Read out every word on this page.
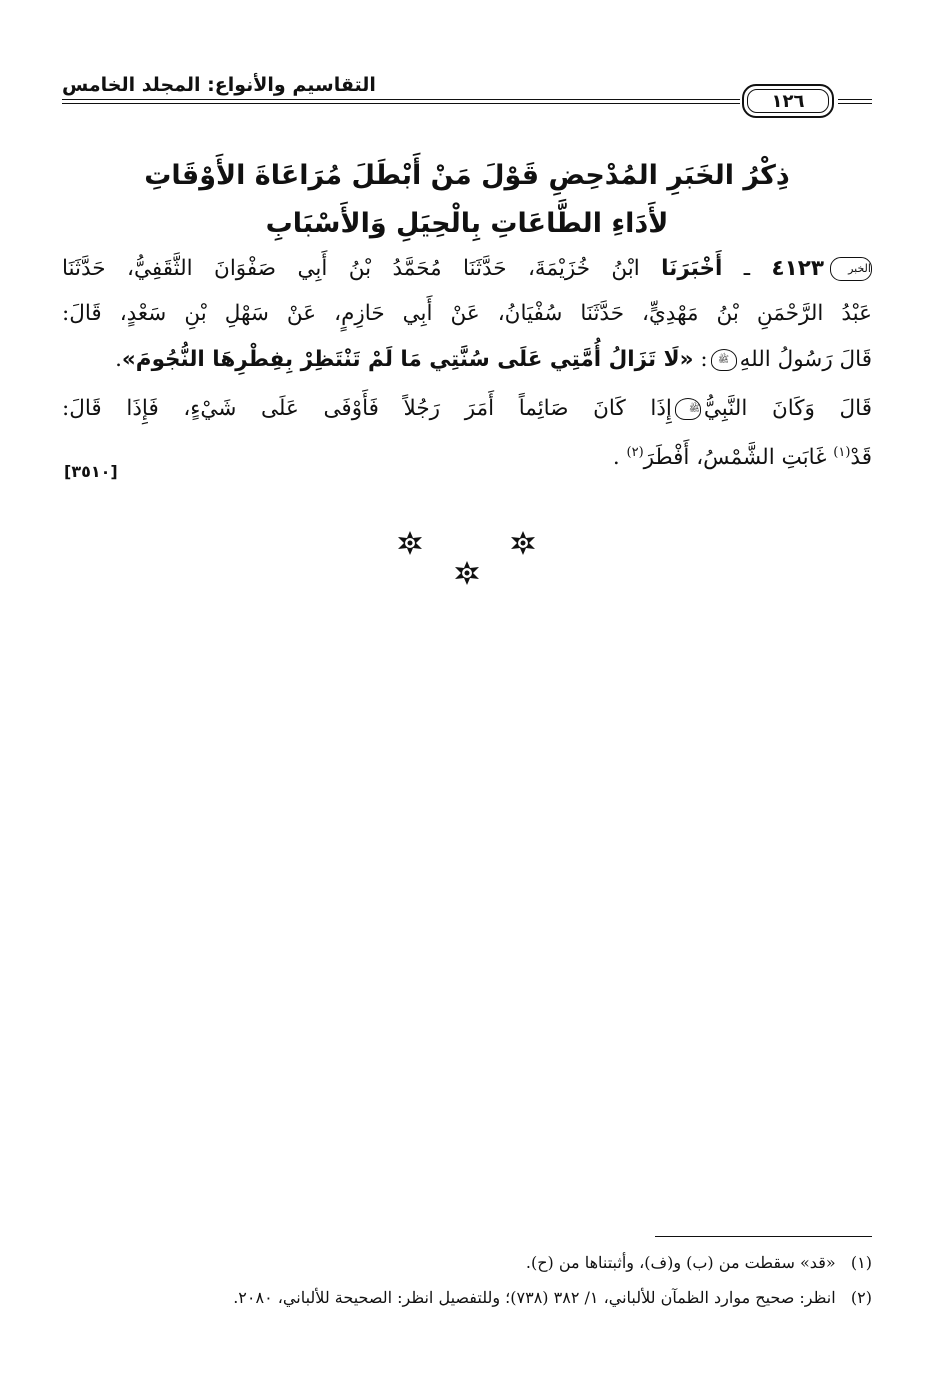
التقاسيم والأنواع: المجلد الخامس
١٢٦
ذِكْرُ الخَبَرِ المُدْحِضِ قَوْلَ مَنْ أَبْطَلَ مُرَاعَاةَ الأَوْقَاتِ
لأَدَاءِ الطَّاعَاتِ بِالْحِيَلِ وَالأَسْبَابِ
الخبر٤١٢٣ ـ أَخْبَرَنَا ابْنُ خُزَيْمَةَ، حَدَّثَنَا مُحَمَّدُ بْنُ أَبِي صَفْوَانَ الثَّقَفِيُّ، حَدَّثَنَا
عَبْدُ الرَّحْمَنِ بْنُ مَهْدِيٍّ، حَدَّثَنَا سُفْيَانُ، عَنْ أَبِي حَازِمٍ، عَنْ سَهْلِ بْنِ سَعْدٍ، قَالَ:
قَالَ رَسُولُ اللهِﷺ: «لَا تَزَالُ أُمَّتِي عَلَى سُنَّتِي مَا لَمْ تَنْتَظِرْ بِفِطْرِهَا النُّجُومَ».
قَالَ وَكَانَ النَّبِيُّﷺإِذَا كَانَ صَائِماً أَمَرَ رَجُلاً فَأَوْفَى عَلَى شَيْءٍ، فَإِذَا قَالَ:
قَدْ$^{(١)}$ غَابَتِ الشَّمْسُ، أَفْطَرَ$^{(٢)}$ .
[٣٥١٠]
(١)   «قد» سقطت من (ب) و(ف)، وأثبتناها من (ح).
(٢)   انظر: صحيح موارد الظمآن للألباني، ١/ ٣٨٢ (٧٣٨)؛ وللتفصيل انظر: الصحيحة للألباني، ٢٠٨٠.
